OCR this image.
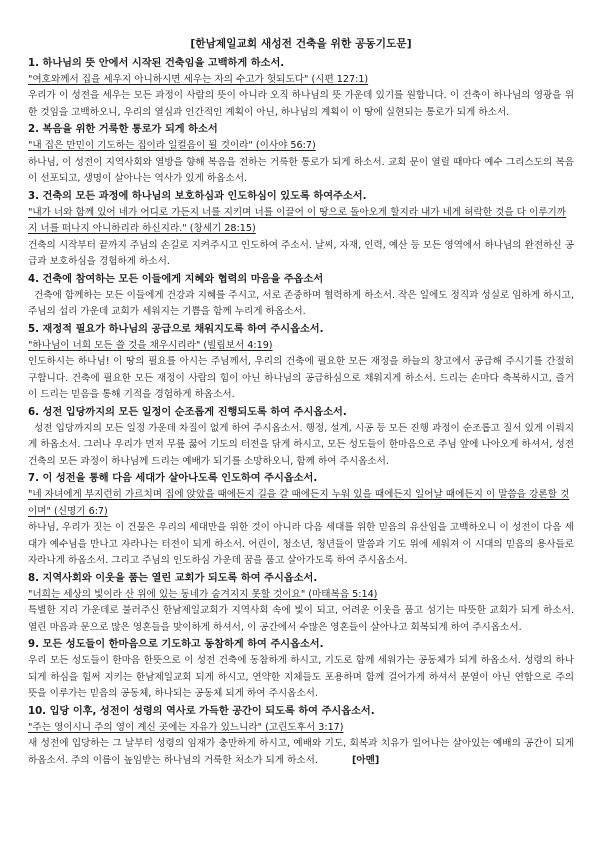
[한남제일교회 새성전 건축을 위한 공동기도문]
1. 하나님의 뜻 안에서 시작된 건축임을 고백하게 하소서.
"여호와께서 집을 세우지 아니하시면 세우는 자의 수고가 헛되도다" (시편 127:1)
우리가 이 성전을 세우는 모든 과정이 사람의 뜻이 아니라 오직 하나님의 뜻 가운데 있기를 원합니다. 이 건축이 하나님의 영광을 위한 것임을 고백하오니, 우리의 열심과 인간적인 계획이 아닌, 하나님의 계획이 이 땅에 실현되는 통로가 되게 하소서.
2. 복음을 위한 거룩한 통로가 되게 하소서
"내 집은 만민이 기도하는 집이라 일컬음이 될 것이라" (이사야 56:7)
하나님, 이 성전이 지역사회와 열방을 향해 복음을 전하는 거룩한 통로가 되게 하소서. 교회 문이 열릴 때마다 예수 그리스도의 복음이 선포되고, 생명이 살아나는 역사가 있게 하옵소서.
3. 건축의 모든 과정에 하나님의 보호하심과 인도하심이 있도록 하여주소서.
"내가 너와 함께 있어 네가 어디로 가든지 너를 지키며 너를 이끌어 이 땅으로 돌아오게 할지라 내가 네게 허락한 것을 다 이루기까지 너를 떠나지 아니하리라 하신지라." (창세기 28:15)
건축의 시작부터 끝까지 주님의 손길로 지켜주시고 인도하여 주소서. 날씨, 자재, 인력, 예산 등 모든 영역에서 하나님의 완전하신 공급과 보호하심을 경험하게 하소서.
4. 건축에 참여하는 모든 이들에게 지혜와 협력의 마음을 주옵소서
건축에 함께하는 모든 이들에게 건강과 지혜를 주시고, 서로 존중하며 협력하게 하소서. 작은 일에도 정직과 성실로 임하게 하시고, 주님의 섭리 가운데 교회가 세워지는 기쁨을 함께 누리게 하옵소서.
5. 재정적 필요가 하나님의 공급으로 채워지도록 하여 주시옵소서.
"하나님이 너희 모든 쓸 것을 채우시리라" (빌립보서 4:19)
인도하시는 하나님! 이 땅의 필요를 아시는 주님께서, 우리의 건축에 필요한 모든 재정을 하늘의 창고에서 공급해 주시기를 간절히 구합니다. 건축에 필요한 모든 재정이 사람의 힘이 아닌 하나님의 공급하심으로 채워지게 하소서. 드리는 손마다 축복하시고, 즐거이 드리는 믿음을 통해 기적을 경험하게 하옵소서.
6. 성전 입당까지의 모든 일정이 순조롭게 진행되도록 하여 주시옵소서.
성전 입당까지의 모든 일정 가운데 차질이 없게 하여 주시옵소서. 행정, 설계, 시공 등 모든 진행 과정이 순조롭고 질서 있게 이뤄지게 하옵소서. 그러나 우리가 먼저 무릎 꿇어 기도의 터전을 닦게 하시고, 모든 성도들이 한마음으로 주님 앞에 나아오게 하셔서, 성전 건축의 모든 과정이 하나님께 드리는 예배가 되기를 소망하오니, 함께 하여 주시옵소서.
7. 이 성전을 통해 다음 세대가 살아나도록 인도하여 주시옵소서.
"네 자녀에게 부지런히 가르치며 집에 앉았을 때에든지 길을 갈 때에든지 누워 있을 때에든지 일어날 때에든지 이 말씀을 강론할 것이며" (신명기 6:7)
하나님, 우리가 짓는 이 건물은 우리의 세대만을 위한 것이 아니라 다음 세대를 위한 믿음의 유산임을 고백하오니 이 성전이 다음 세대가 예수님을 만나고 자라나는 터전이 되게 하소서. 어린이, 청소년, 청년들이 말씀과 기도 위에 세워져 이 시대의 믿음의 용사들로 자라나게 하옵소서. 그리고 주님의 인도하심 가운데 꿈을 품고 살아가도록 하여 주시옵소서.
8. 지역사회와 이웃을 품는 열린 교회가 되도록 하여 주시옵소서.
"너희는 세상의 빛이라 산 위에 있는 동네가 숨겨지지 못할 것이요" (마태복음 5:14)
특별한 지리 가운데로 불러주신 한남제일교회가 지역사회 속에 빛이 되고, 어려운 이웃을 품고 섬기는 따뜻한 교회가 되게 하소서. 열린 마음과 문으로 많은 영혼들을 맞이하게 하셔서, 이 공간에서 수많은 영혼들이 살아나고 회복되게 하여 주시옵소서.
9. 모든 성도들이 한마음으로 기도하고 동참하게 하여 주시옵소서.
우리 모든 성도들이 한마음 한뜻으로 이 성전 건축에 동참하게 하시고, 기도로 함께 세워가는 공동체가 되게 하옵소서. 성령의 하나 되게 하심을 힘써 지키는 한남제일교회 되게 하시고, 연약한 지체들도 포용하며 함께 걸어가게 하셔서 분열이 아닌 연합으로 주의 뜻을 이루가는 믿음의 공동체, 하나되는 공동체 되게 하여 주시옵소서.
10. 입당 이후, 성전이 성령의 역사로 가득한 공간이 되도록 하여 주시옵소서.
"주는 영이시니 주의 영이 계신 곳에는 자유가 있느니라" (고린도후서 3:17)
새 성전에 입당하는 그 날부터 성령의 임재가 충만하게 하시고, 예배와 기도, 회복과 치유가 일어나는 살아있는 예배의 공간이 되게 하옵소서. 주의 이름이 높임받는 하나님의 거룩한 처소가 되게 하소서.	[아멘]
